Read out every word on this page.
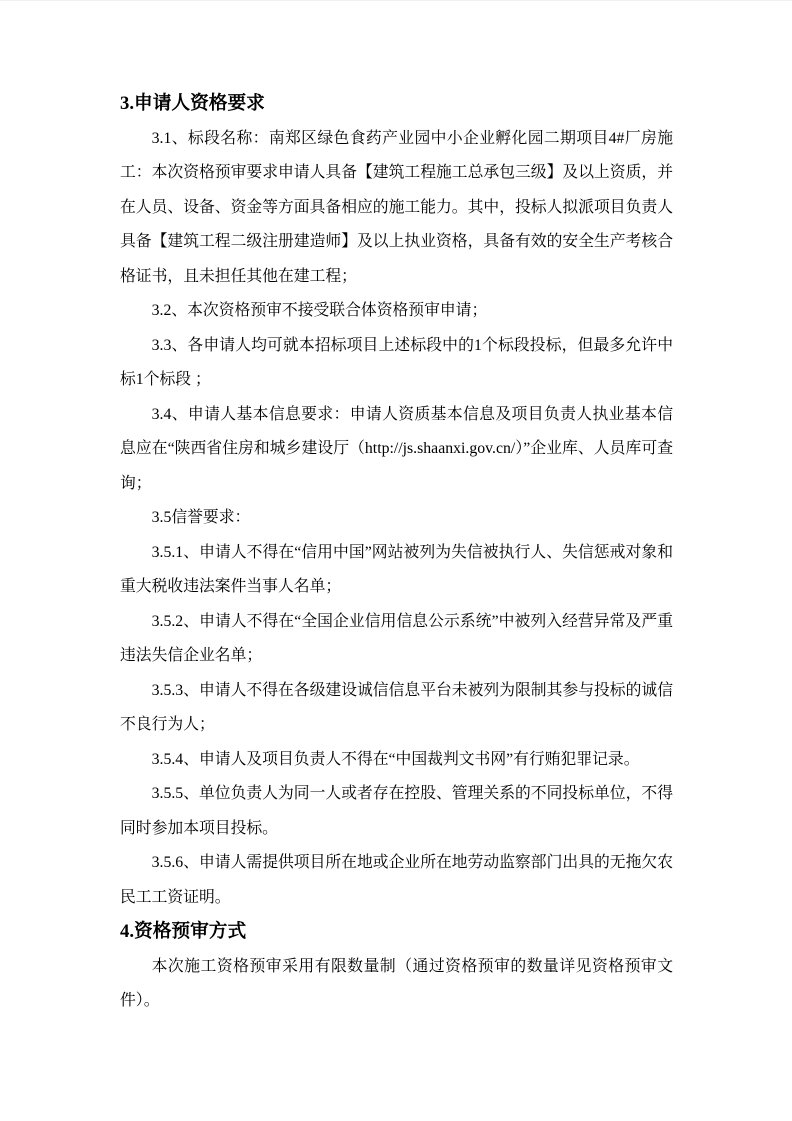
3.申请人资格要求

3.1、标段名称：南郑区绿色食药产业园中小企业孵化园二期项目4#厂房施工：本次资格预审要求申请人具备【建筑工程施工总承包三级】及以上资质，并在人员、设备、资金等方面具备相应的施工能力。其中，投标人拟派项目负责人具备【建筑工程二级注册建造师】及以上执业资格，具备有效的安全生产考核合格证书，且未担任其他在建工程；

3.2、本次资格预审不接受联合体资格预审申请；

3.3、各申请人均可就本招标项目上述标段中的1个标段投标，但最多允许中标1个标段 ；

3.4、申请人基本信息要求：申请人资质基本信息及项目负责人执业基本信息应在“陕西省住房和城乡建设厅（http://js.shaanxi.gov.cn/）”企业库、人员库可查询；

3.5信誉要求：

3.5.1、申请人不得在“信用中国”网站被列为失信被执行人、失信惩戒对象和重大税收违法案件当事人名单；

3.5.2、申请人不得在“全国企业信用信息公示系统”中被列入经营异常及严重违法失信企业名单；

3.5.3、申请人不得在各级建设诚信信息平台未被列为限制其参与投标的诚信不良行为人；

3.5.4、申请人及项目负责人不得在“中国裁判文书网”有行贿犯罪记录。

3.5.5、单位负责人为同一人或者存在控股、管理关系的不同投标单位，不得同时参加本项目投标。

3.5.6、申请人需提供项目所在地或企业所在地劳动监察部门出具的无拖欠农民工工资证明。

4.资格预审方式

本次施工资格预审采用有限数量制（通过资格预审的数量详见资格预审文件）。
